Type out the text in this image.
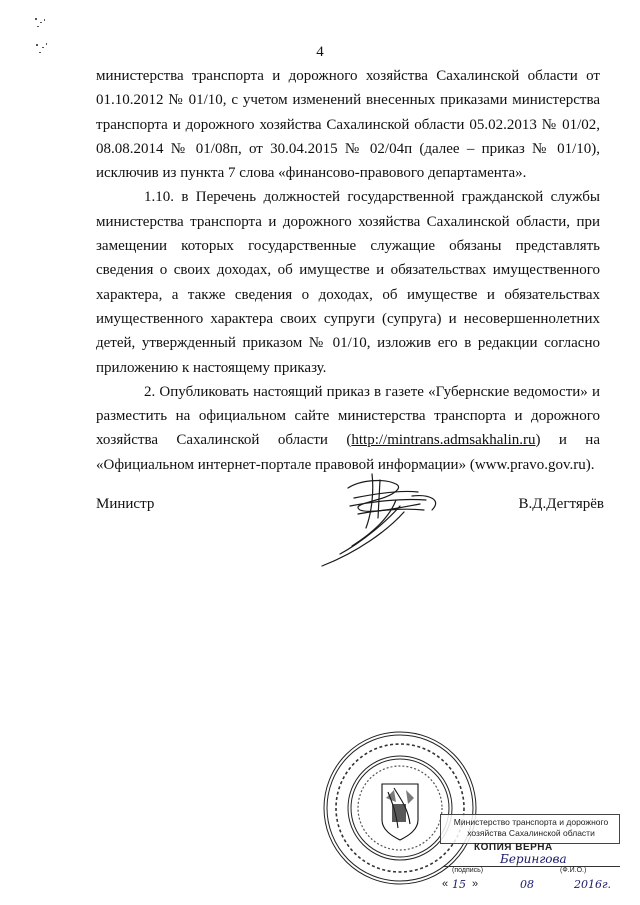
4

министерства транспорта и дорожного хозяйства Сахалинской области от 01.10.2012 № 01/10, с учетом изменений внесенных приказами министерства транспорта и дорожного хозяйства Сахалинской области 05.02.2013 № 01/02, 08.08.2014 № 01/08п, от 30.04.2015 № 02/04п (далее – приказ № 01/10), исключив из пункта 7 слова «финансово-правового департамента».

1.10. в Перечень должностей государственной гражданской службы министерства транспорта и дорожного хозяйства Сахалинской области, при замещении которых государственные служащие обязаны представлять сведения о своих доходах, об имуществе и обязательствах имущественного характера, а также сведения о доходах, об имуществе и обязательствах имущественного характера своих супруги (супруга) и несовершеннолетних детей, утвержденный приказом № 01/10, изложив его в редакции согласно приложению к настоящему приказу.

2. Опубликовать настоящий приказ в газете «Губернские ведомости» и разместить на официальном сайте министерства транспорта и дорожного хозяйства Сахалинской области (http://mintrans.admsakhalin.ru) и на «Официальном интернет-портале правовой информации» (www.pravo.gov.ru).

Министр	В.Д.Дегтярёв
Министерство транспорта и дорожного хозяйства Сахалинской области
КОПИЯ ВЕРНА
Берингова
(подпись)	(Ф.И.О.)
« 15 »	08	2016г.
